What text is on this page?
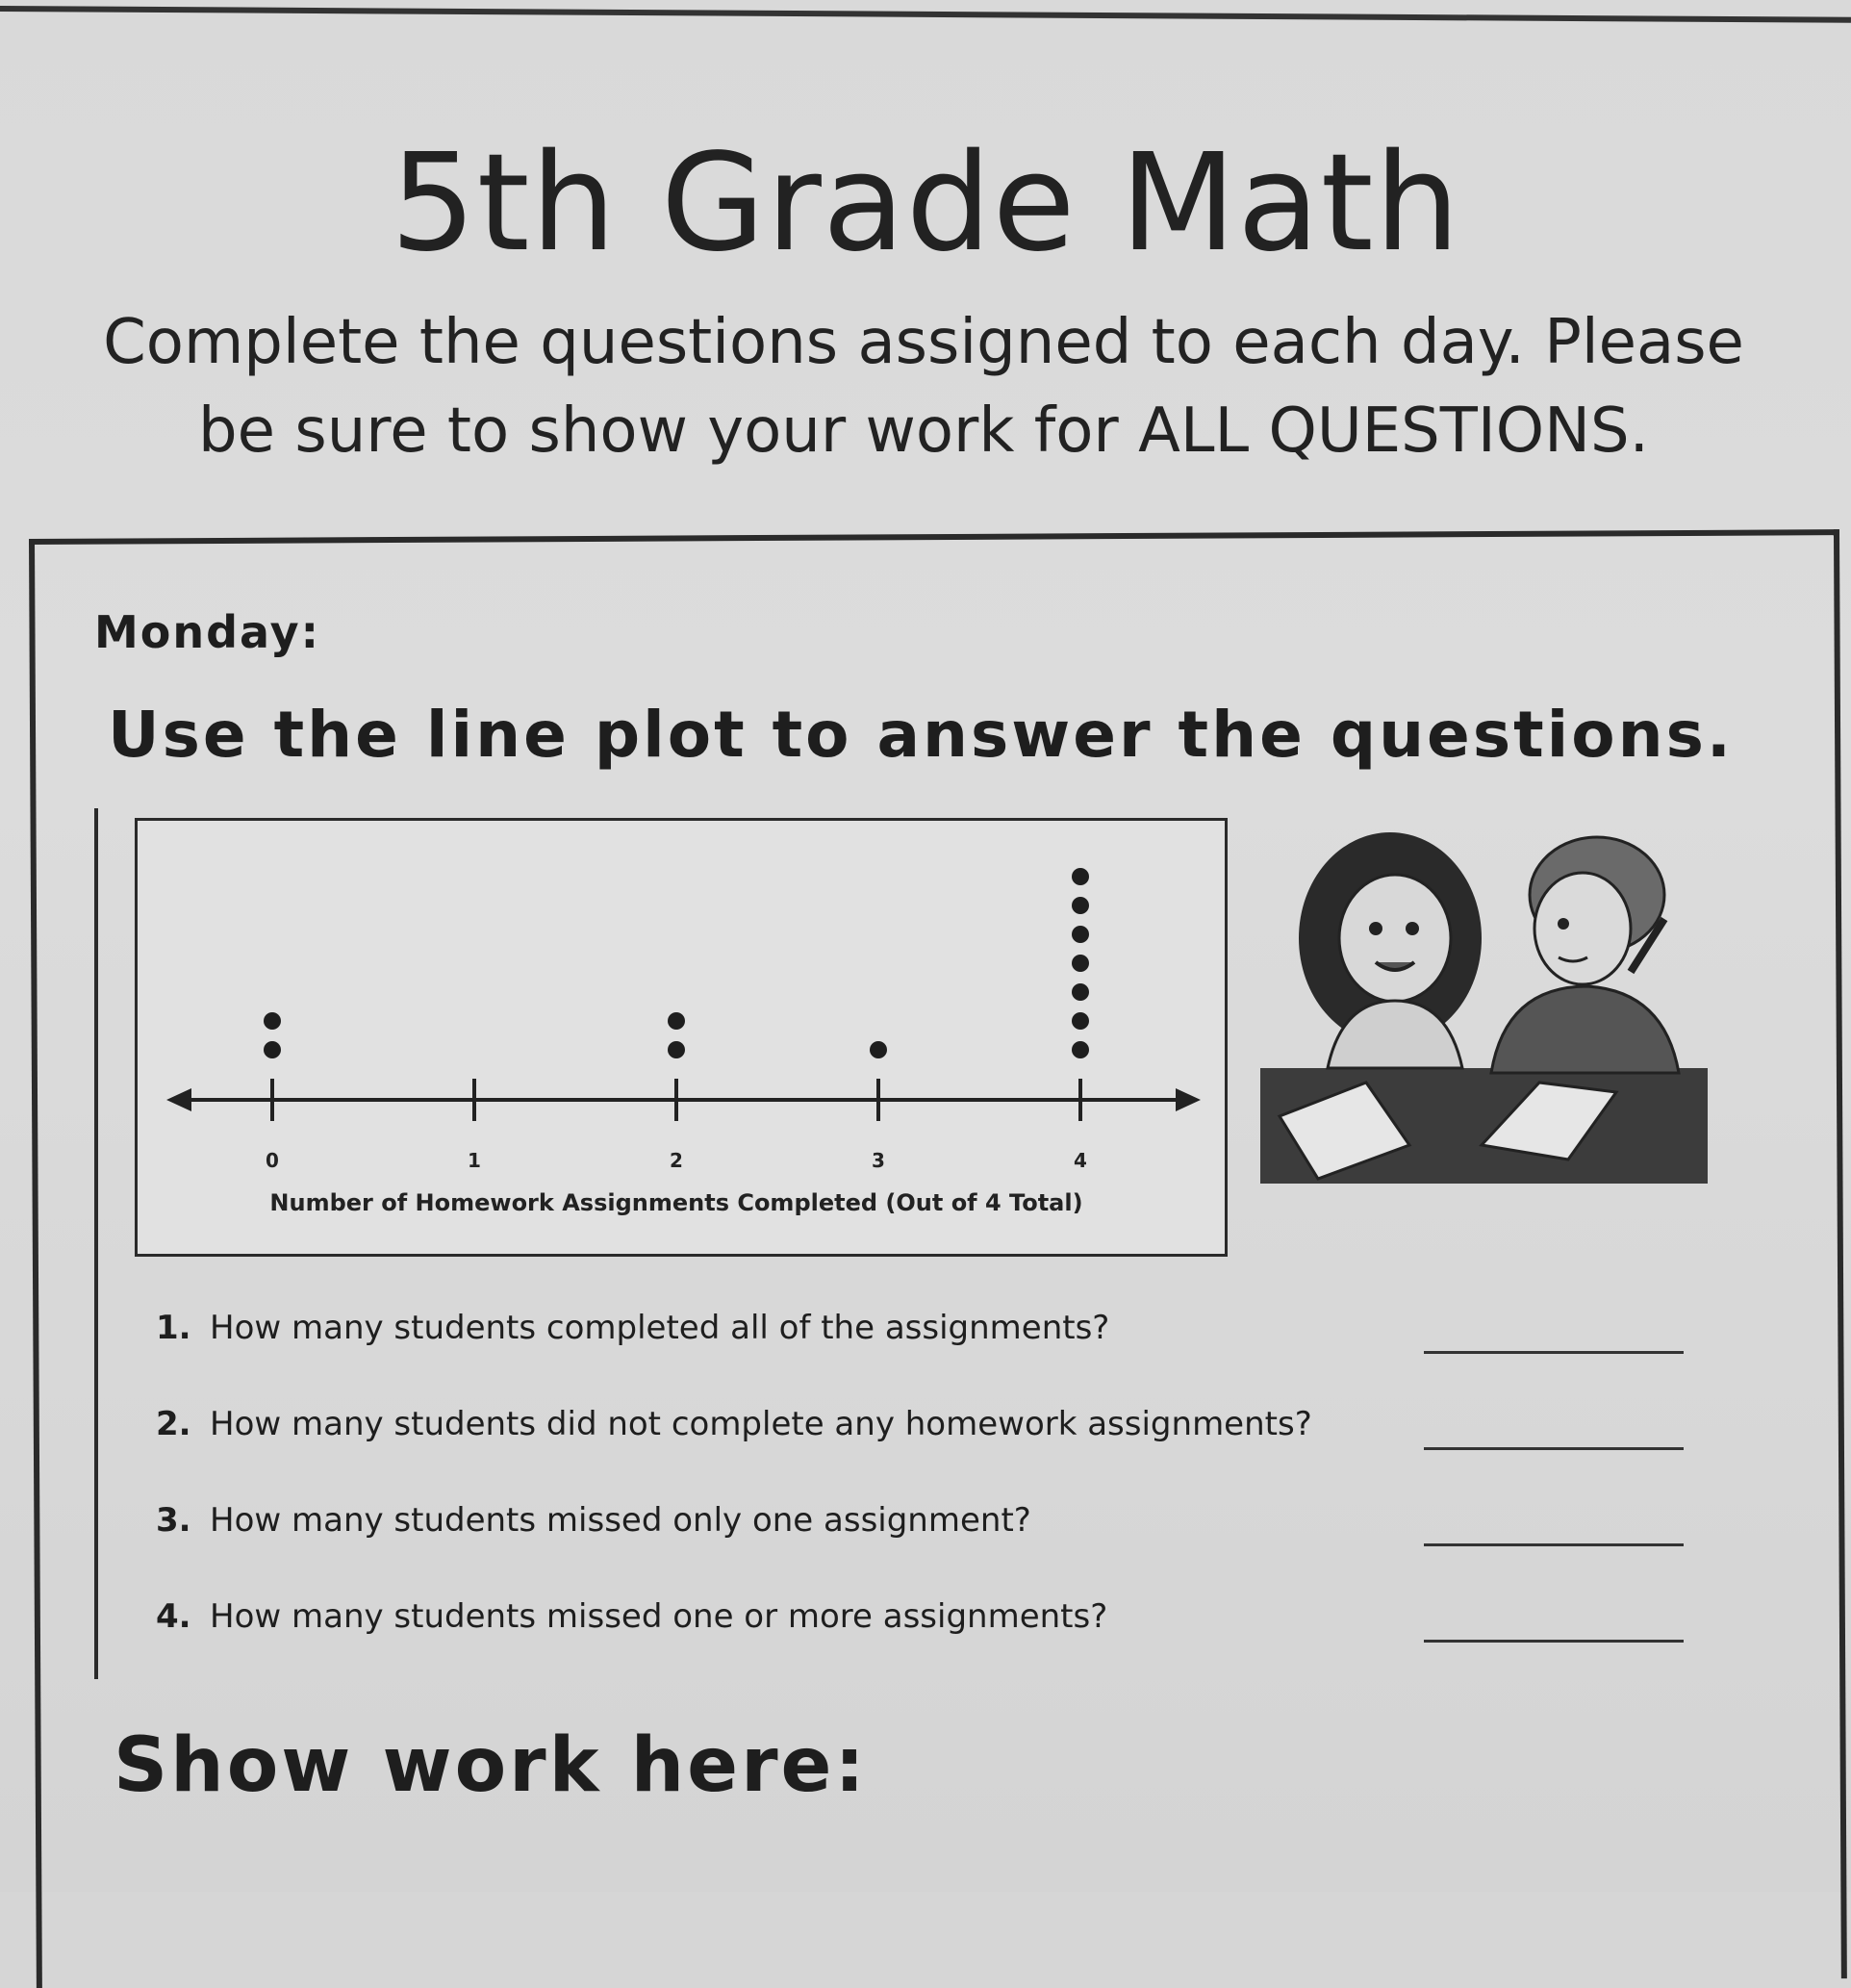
5th Grade Math
Complete the questions assigned to each day. Please
be sure to show your work for ALL QUESTIONS.
Monday:
Use the line plot to answer the questions.
0	1	2	3	4
Number of Homework Assignments Completed (Out of 4 Total)
1. How many students completed all of the assignments?
2. How many students did not complete any homework assignments?
3. How many students missed only one assignment?
4. How many students missed one or more assignments?
Show work here:
